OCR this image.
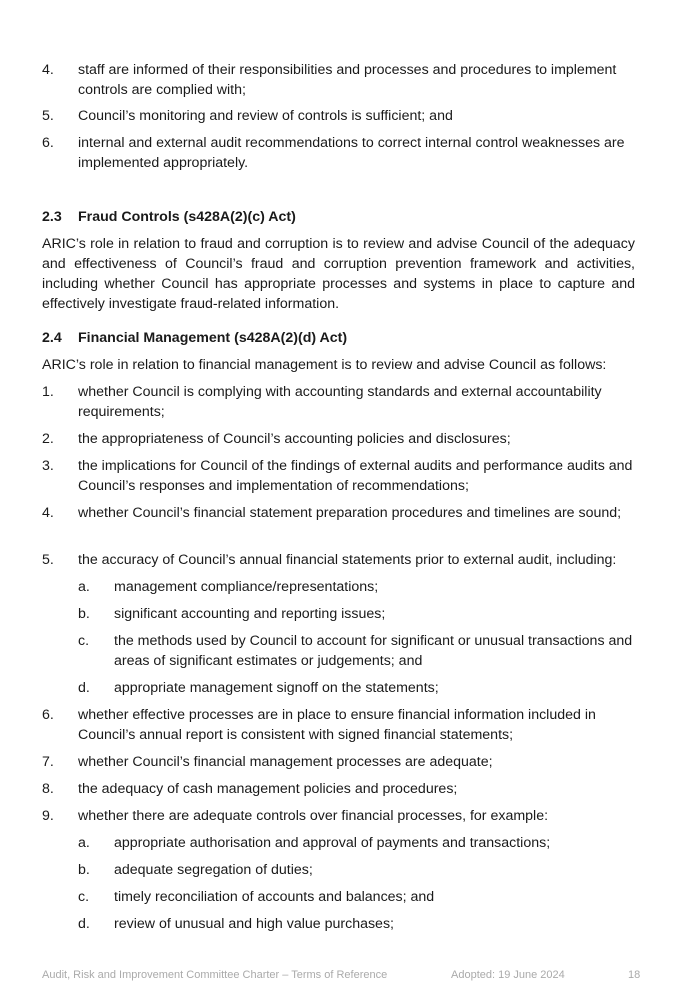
4. staff are informed of their responsibilities and processes and procedures to implement controls are complied with;
5. Council’s monitoring and review of controls is sufficient; and
6. internal and external audit recommendations to correct internal control weaknesses are implemented appropriately.
2.3 Fraud Controls (s428A(2)(c) Act)
ARIC’s role in relation to fraud and corruption is to review and advise Council of the adequacy and effectiveness of Council’s fraud and corruption prevention framework and activities, including whether Council has appropriate processes and systems in place to capture and effectively investigate fraud-related information.
2.4 Financial Management (s428A(2)(d) Act)
ARIC’s role in relation to financial management is to review and advise Council as follows:
1. whether Council is complying with accounting standards and external accountability requirements;
2. the appropriateness of Council’s accounting policies and disclosures;
3. the implications for Council of the findings of external audits and performance audits and Council’s responses and implementation of recommendations;
4. whether Council’s financial statement preparation procedures and timelines are sound;
5. the accuracy of Council’s annual financial statements prior to external audit, including:
a. management compliance/representations;
b. significant accounting and reporting issues;
c. the methods used by Council to account for significant or unusual transactions and areas of significant estimates or judgements; and
d. appropriate management signoff on the statements;
6. whether effective processes are in place to ensure financial information included in Council’s annual report is consistent with signed financial statements;
7. whether Council’s financial management processes are adequate;
8. the adequacy of cash management policies and procedures;
9. whether there are adequate controls over financial processes, for example:
a. appropriate authorisation and approval of payments and transactions;
b. adequate segregation of duties;
c. timely reconciliation of accounts and balances; and
d. review of unusual and high value purchases;
Audit, Risk and Improvement Committee Charter – Terms of Reference	Adopted: 19 June 2024	18
